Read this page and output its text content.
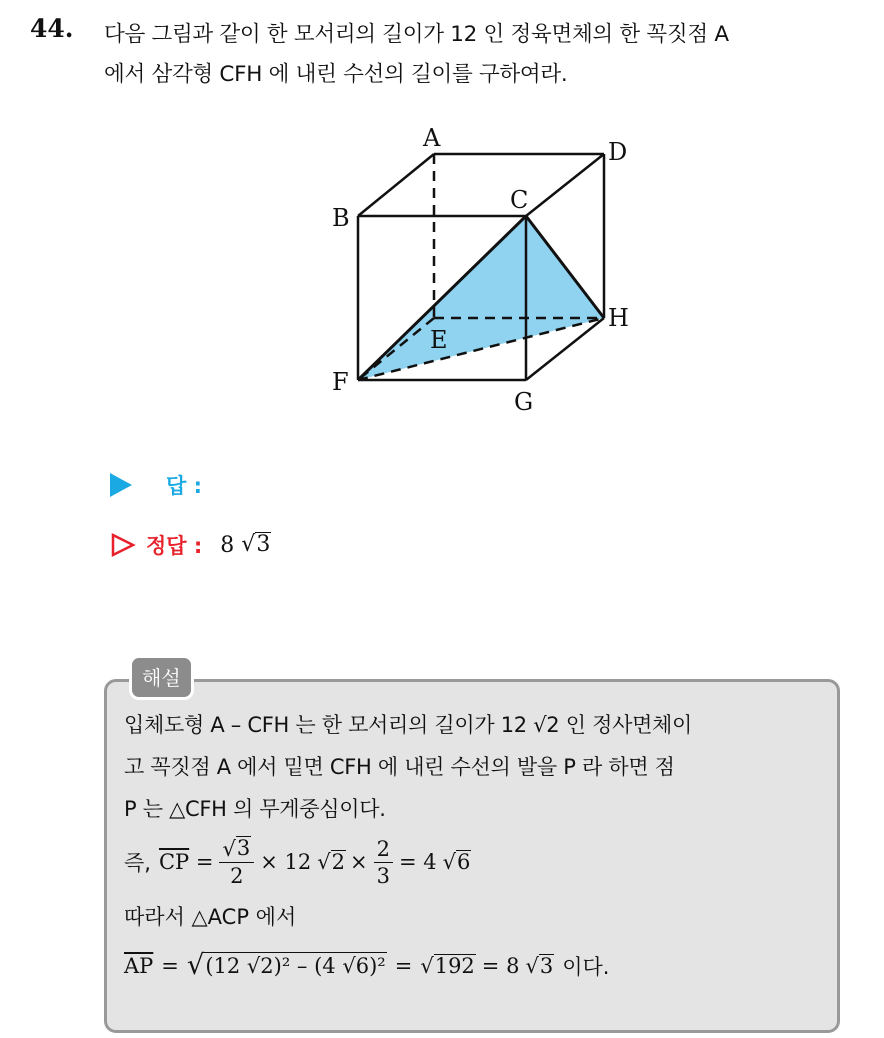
44. 다음 그림과 같이 한 모서리의 길이가 12 인 정육면체의 한 꼭짓점 A
에서 삼각형 CFH 에 내린 수선의 길이를 구하여라.
A	D
B
C
H
E
F
G
답 :
정답 : 8
√ 3
해설
입체도형 A – CFH 는 한 모서리의 길이가 12 √2 인 정사면체이
고 꼭짓점 A 에서 밑면 CFH 에 내린 수선의 발을 P 라 하면 점
P 는 △CFH 의 무게중심이다.
즉, $\overline{CP} = \frac{√ 3}{2} \times 12$ √ $2 \times \frac{2}{3} = 4$ √ 6
따라서 △ACP 에서
$\overline{AP}$ = √ (12 √2)² – (4 √6)² = √ 192 = 8 √ 3 이다.
